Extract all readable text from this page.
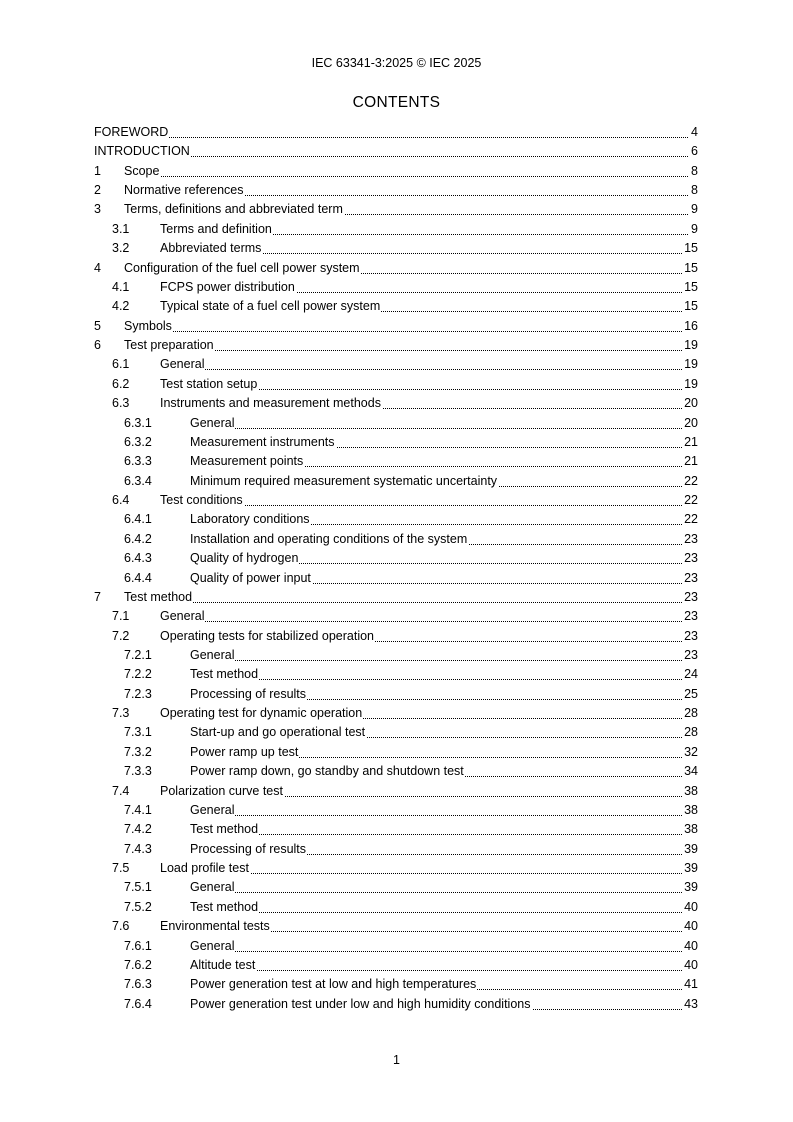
IEC 63341-3:2025 © IEC 2025
CONTENTS
FOREWORD	4
INTRODUCTION	6
1 Scope	8
2 Normative references	8
3 Terms, definitions and abbreviated term	9
3.1 Terms and definition	9
3.2 Abbreviated terms	15
4 Configuration of the fuel cell power system	15
4.1 FCPS power distribution	15
4.2 Typical state of a fuel cell power system	15
5 Symbols	16
6 Test preparation	19
6.1 General	19
6.2 Test station setup	19
6.3 Instruments and measurement methods	20
6.3.1	General	20
6.3.2	Measurement instruments	21
6.3.3	Measurement points	21
6.3.4	Minimum required measurement systematic uncertainty	22
6.4 Test conditions	22
6.4.1	Laboratory conditions	22
6.4.2	Installation and operating conditions of the system	23
6.4.3	Quality of hydrogen	23
6.4.4	Quality of power input	23
7 Test method	23
7.1 General	23
7.2 Operating tests for stabilized operation	23
7.2.1	General	23
7.2.2	Test method	24
7.2.3	Processing of results	25
7.3 Operating test for dynamic operation	28
7.3.1	Start-up and go operational test	28
7.3.2	Power ramp up test	32
7.3.3	Power ramp down, go standby and shutdown test	34
7.4 Polarization curve test	38
7.4.1	General	38
7.4.2	Test method	38
7.4.3	Processing of results	39
7.5 Load profile test	39
7.5.1	General	39
7.5.2	Test method	40
7.6 Environmental tests	40
7.6.1	General	40
7.6.2	Altitude test	40
7.6.3	Power generation test at low and high temperatures	41
7.6.4	Power generation test under low and high humidity conditions	43
1
